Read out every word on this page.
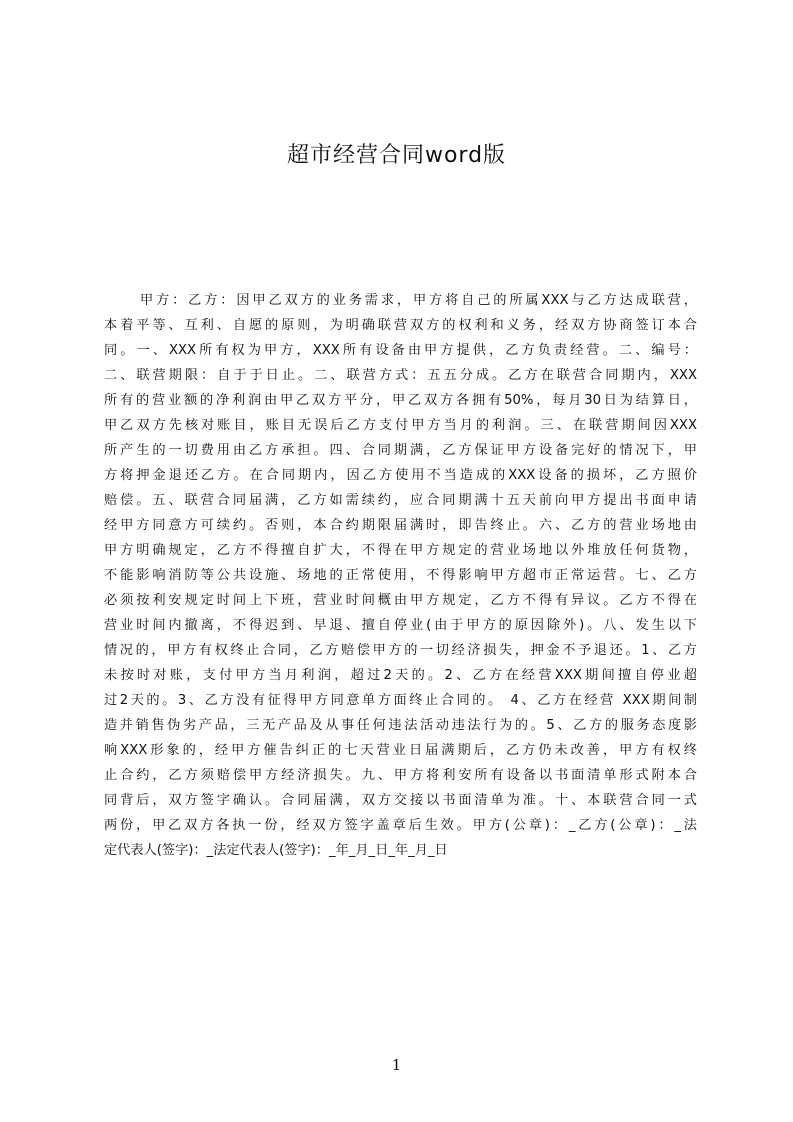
超市经营合同word版
甲方：乙方：因甲乙双方的业务需求，甲方将自己的所属XXX与乙方达成联营，
本着平等、互利、自愿的原则，为明确联营双方的权利和义务，经双方协商签订本合
同。一、XXX所有权为甲方，XXX所有设备由甲方提供，乙方负责经营。二、编号：
二、联营期限：自于于日止。二、联营方式：五五分成。乙方在联营合同期内，XXX
所有的营业额的净利润由甲乙双方平分，甲乙双方各拥有50%，每月30日为结算日，
甲乙双方先核对账目，账目无误后乙方支付甲方当月的利润。三、在联营期间因XXX
所产生的一切费用由乙方承担。四、合同期满，乙方保证甲方设备完好的情况下，甲
方将押金退还乙方。在合同期内，因乙方使用不当造成的XXX设备的损坏，乙方照价
赔偿。五、联营合同届满，乙方如需续约，应合同期满十五天前向甲方提出书面申请
经甲方同意方可续约。否则，本合约期限届满时，即告终止。六、乙方的营业场地由
甲方明确规定，乙方不得擅自扩大，不得在甲方规定的营业场地以外堆放任何货物，
不能影响消防等公共设施、场地的正常使用，不得影响甲方超市正常运营。七、乙方
必须按利安规定时间上下班，营业时间概由甲方规定，乙方不得有异议。乙方不得在
营业时间内撤离，不得迟到、早退、擅自停业(由于甲方的原因除外)。八、发生以下
情况的，甲方有权终止合同，乙方赔偿甲方的一切经济损失，押金不予退还。1、乙方
未按时对账，支付甲方当月利润，超过2天的。2、乙方在经营XXX期间擅自停业超
过2天的。3、乙方没有征得甲方同意单方面终止合同的。 4、乙方在经营 XXX期间制
造并销售伪劣产品，三无产品及从事任何违法活动违法行为的。5、乙方的服务态度影
响XXX形象的，经甲方催告纠正的七天营业日届满期后，乙方仍未改善，甲方有权终
止合约，乙方须赔偿甲方经济损失。九、甲方将利安所有设备以书面清单形式附本合
同背后，双方签字确认。合同届满，双方交接以书面清单为准。十、本联营合同一式
两份，甲乙双方各执一份，经双方签字盖章后生效。甲方(公章)：_乙方(公章)：_法
定代表人(签字)：_法定代表人(签字)：_年_月_日_年_月_日
1
